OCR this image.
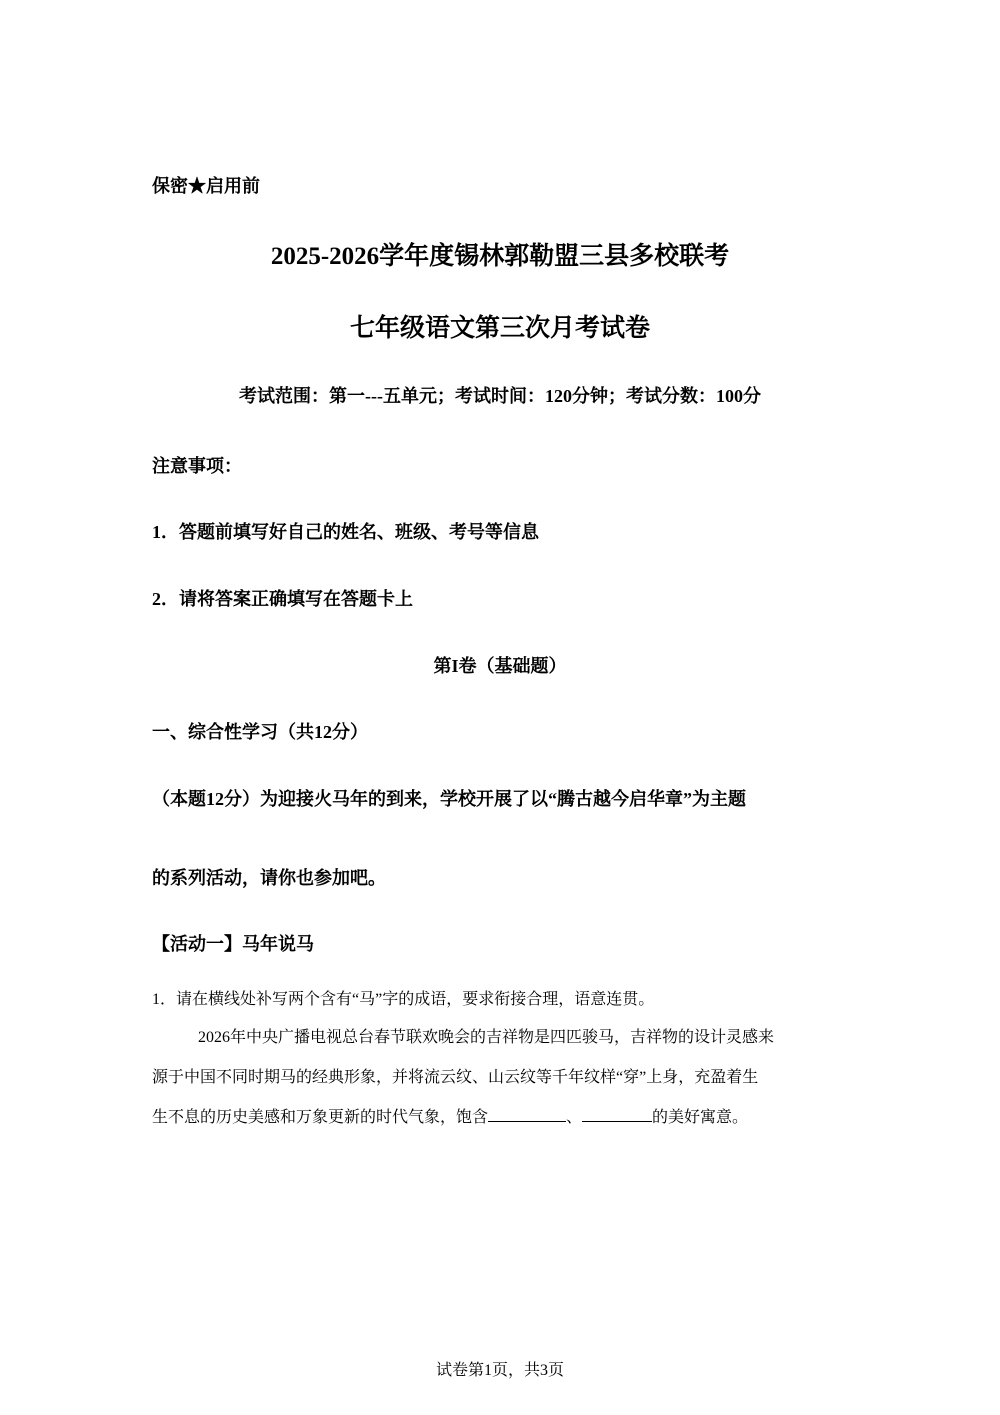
保密★启用前

2025-2026学年度锡林郭勒盟三县多校联考

七年级语文第三次月考试卷

考试范围：第一---五单元；考试时间：120分钟；考试分数：100分

注意事项：

1．答题前填写好自己的姓名、班级、考号等信息

2．请将答案正确填写在答题卡上

第I卷（基础题）

一、综合性学习（共12分）

（本题12分）为迎接火马年的到来，学校开展了以“腾古越今启华章”为主题

的系列活动，请你也参加吧。

【活动一】马年说马

1．请在横线处补写两个含有“马”字的成语，要求衔接合理，语意连贯。

2026年中央广播电视总台春节联欢晚会的吉祥物是四匹骏马，吉祥物的设计灵感来

源于中国不同时期马的经典形象，并将流云纹、山云纹等千年纹样“穿”上身，充盈着生

生不息的历史美感和万象更新的时代气象，饱含	、	的美好寓意。

试卷第1页，共3页
